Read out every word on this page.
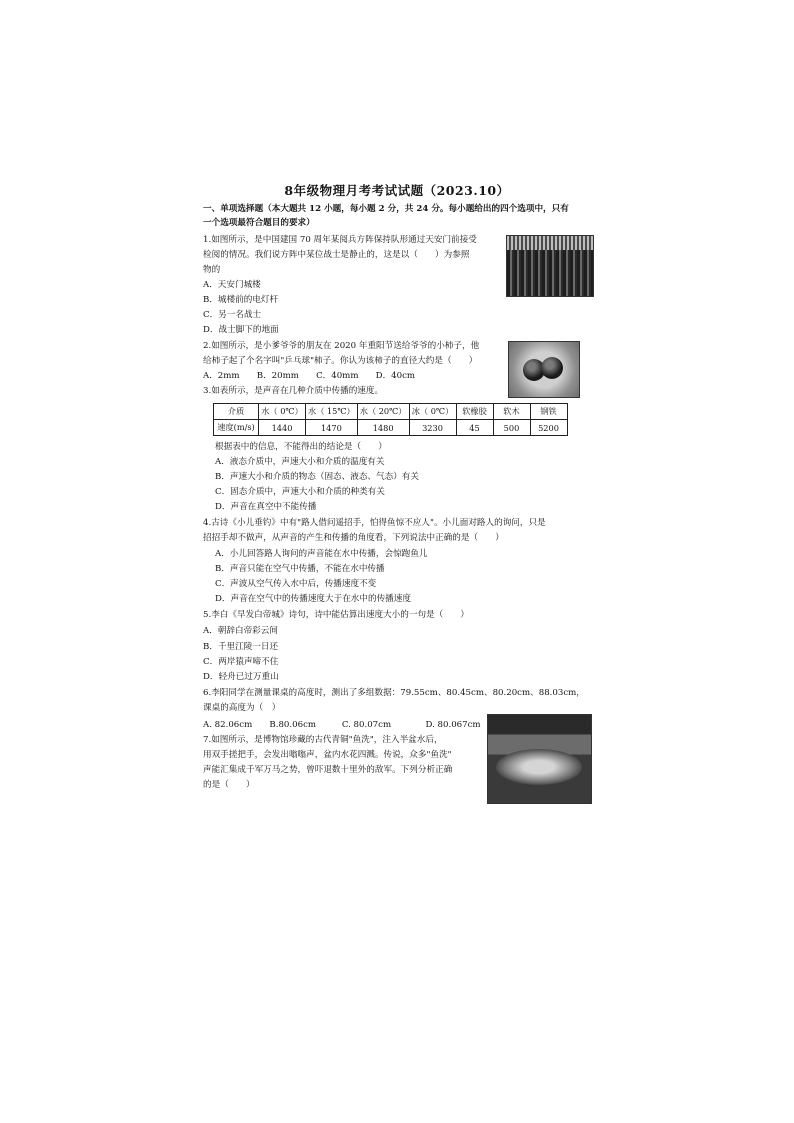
8年级物理月考考试试题（2023.10）
一、单项选择题（本大题共 12 小题，每小题 2 分，共 24 分。每小题给出的四个选项中，只有
一个选项最符合题目的要求）
1.如图所示，是中国建国 70 周年某阅兵方阵保持队形通过天安门前接受
检阅的情况。我们说方阵中某位战士是静止的，这是以（　　）为参照
物的
A．天安门城楼
B．城楼前的电灯杆
C．另一名战士
D．战士脚下的地面
2.如图所示，是小爹爷爷的朋友在 2020 年重阳节送给爷爷的小柿子，他
给柿子起了个名字叫"乒乓球"柿子。你认为该柿子的直径大约是（　　）
A．2mm　　B．20mm　　C．40mm　　D．40cm
3.如表所示，是声音在几种介质中传播的速度。
介质	水（ 0℃）	水（ 15℃）	水（ 20℃）	冰（ 0℃）	软橡胶	软木	钢铁
速度(m/s)	1440	1470	1480	3230	45	500	5200
根据表中的信息，不能得出的结论是（　　）
A．液态介质中，声速大小和介质的温度有关
B．声速大小和介质的物态（固态、液态、气态）有关
C．固态介质中，声速大小和介质的种类有关
D．声音在真空中不能传播
4.古诗《小儿垂钓》中有"路人借问遥招手，怕得鱼惊不应人"。小儿面对路人的询问，只是
招招手却不做声，从声音的产生和传播的角度看，下列说法中正确的是（　　）
A．小儿回答路人询问的声音能在水中传播，会惊跑鱼儿
B．声音只能在空气中传播，不能在水中传播
C．声波从空气传入水中后，传播速度不变
D．声音在空气中的传播速度大于在水中的传播速度
5.李白《早发白帝城》诗句，诗中能估算出速度大小的一句是（　　）
A．朝辞白帝彩云间
B．千里江陵一日还
C．两岸猿声啼不住
D．轻舟已过万重山
6.李阳同学在测量课桌的高度时，测出了多组数据：79.55cm、80.45cm、80.20cm、88.03cm，
课桌的高度为（　）
A. 82.06cm　　B.80.06cm　　　C. 80.07cm　　　　D. 80.067cm
7.如图所示，是博物馆珍藏的古代青铜"鱼洗"，注入半盆水后，
用双手搓把手，会发出嗡嗡声，盆内水花四溅。传说，众多"鱼洗"
声能汇集成千军万马之势，曾吓退数十里外的敌军。下列分析正确
的是（　　）
